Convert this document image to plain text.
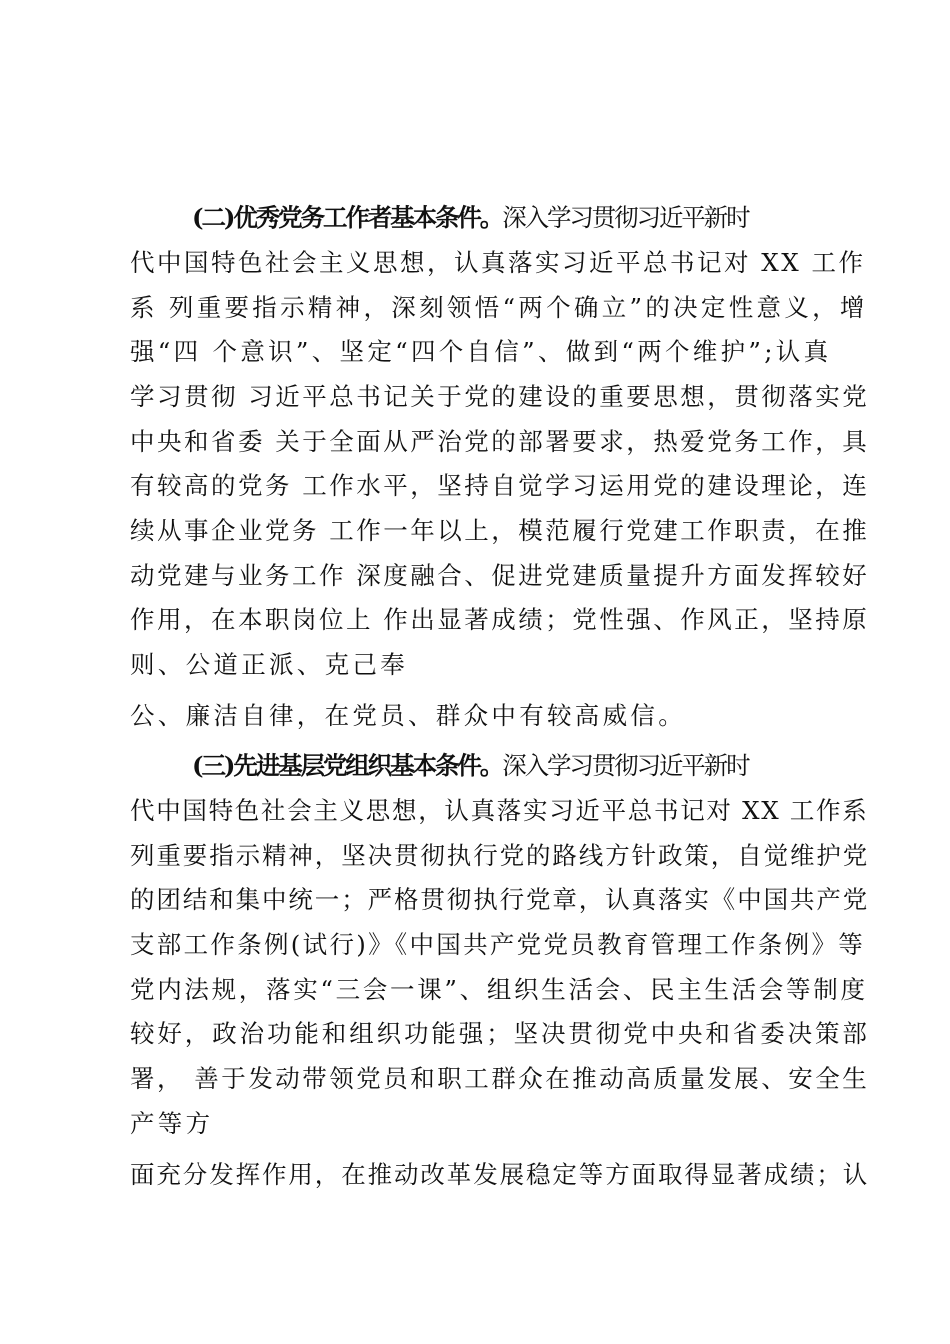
(二)优秀党务工作者基本条件。深入学习贯彻习近平新时
代中国特色社会主义思想，认真落实习近平总书记对 XX 工作
系 列重要指示精神，深刻领悟“两个确立”的决定性意义，增
强“四 个意识”、坚定“四个自信”、做到“两个维护”;认真
学习贯彻 习近平总书记关于党的建设的重要思想，贯彻落实党
中央和省委 关于全面从严治党的部署要求，热爱党务工作，具
有较高的党务 工作水平，坚持自觉学习运用党的建设理论，连
续从事企业党务 工作一年以上，模范履行党建工作职责，在推
动党建与业务工作 深度融合、促进党建质量提升方面发挥较好
作用，在本职岗位上 作出显著成绩；党性强、作风正，坚持原
则、公道正派、克己奉
公、廉洁自律，在党员、群众中有较高威信。
(三)先进基层党组织基本条件。深入学习贯彻习近平新时
代中国特色社会主义思想，认真落实习近平总书记对 XX 工作系
列重要指示精神，坚决贯彻执行党的路线方针政策，自觉维护党
的团结和集中统一；严格贯彻执行党章，认真落实《中国共产党
支部工作条例(试行)》《中国共产党党员教育管理工作条例》等
党内法规，落实“三会一课”、组织生活会、民主生活会等制度
较好，政治功能和组织功能强；坚决贯彻党中央和省委决策部
署， 善于发动带领党员和职工群众在推动高质量发展、安全生
产等方
面充分发挥作用，在推动改革发展稳定等方面取得显著成绩；认
